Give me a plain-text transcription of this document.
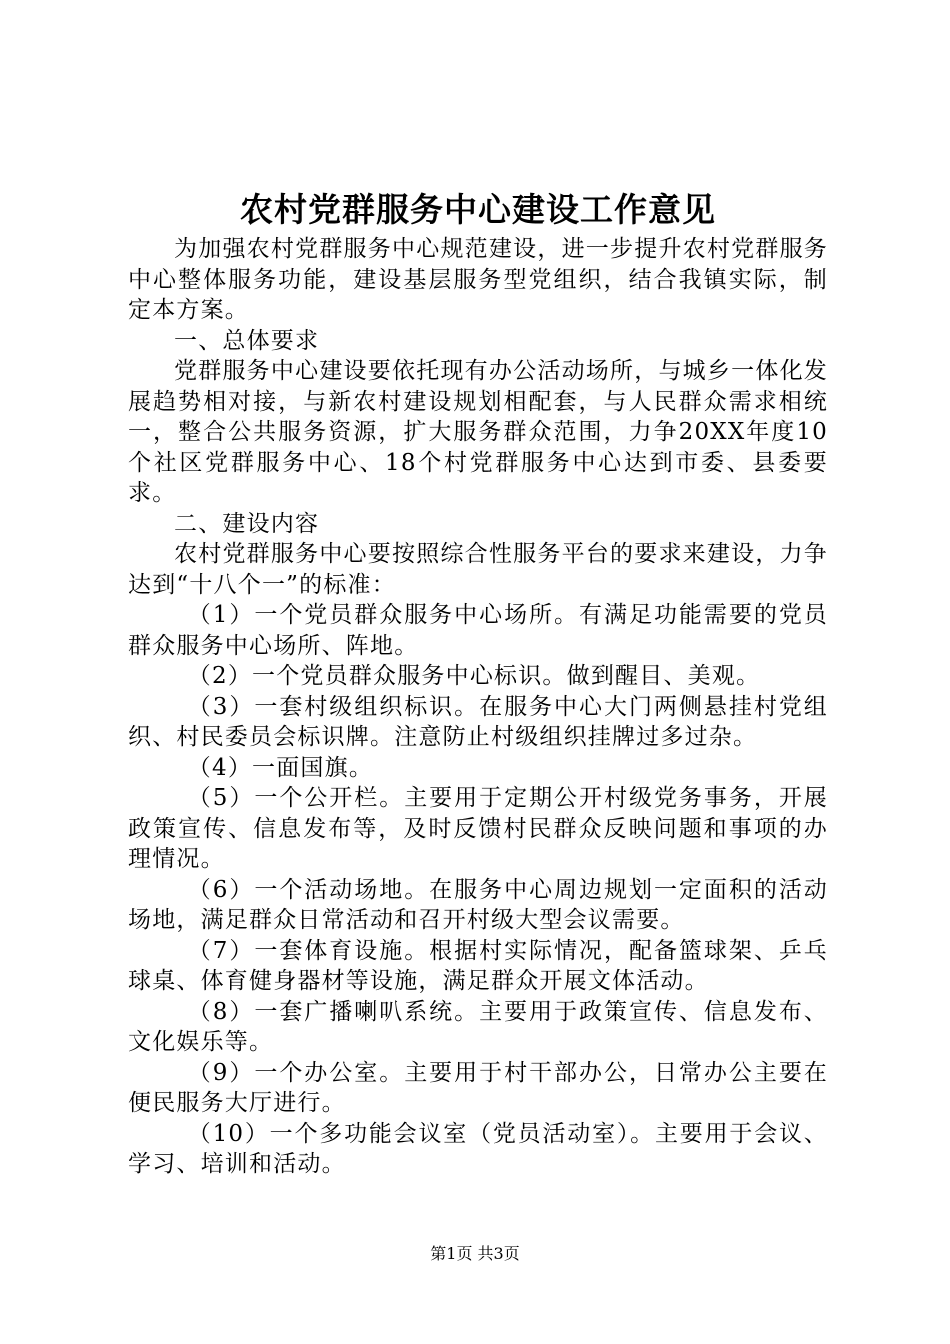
农村党群服务中心建设工作意见

为加强农村党群服务中心规范建设，进一步提升农村党群服务中心整体服务功能，建设基层服务型党组织，结合我镇实际，制定本方案。

一、总体要求

党群服务中心建设要依托现有办公活动场所，与城乡一体化发展趋势相对接，与新农村建设规划相配套，与人民群众需求相统一，整合公共服务资源，扩大服务群众范围，力争20XX年度10个社区党群服务中心、18个村党群服务中心达到市委、县委要求。

二、建设内容

农村党群服务中心要按照综合性服务平台的要求来建设，力争达到“十八个一”的标准：

（1）一个党员群众服务中心场所。有满足功能需要的党员群众服务中心场所、阵地。

（2）一个党员群众服务中心标识。做到醒目、美观。

（3）一套村级组织标识。在服务中心大门两侧悬挂村党组织、村民委员会标识牌。注意防止村级组织挂牌过多过杂。

（4）一面国旗。

（5）一个公开栏。主要用于定期公开村级党务事务，开展政策宣传、信息发布等，及时反馈村民群众反映问题和事项的办理情况。

（6）一个活动场地。在服务中心周边规划一定面积的活动场地，满足群众日常活动和召开村级大型会议需要。

（7）一套体育设施。根据村实际情况，配备篮球架、乒乓球桌、体育健身器材等设施，满足群众开展文体活动。

（8）一套广播喇叭系统。主要用于政策宣传、信息发布、文化娱乐等。

（9）一个办公室。主要用于村干部办公，日常办公主要在便民服务大厅进行。

（10）一个多功能会议室（党员活动室）。主要用于会议、学习、培训和活动。

第1页 共3页
